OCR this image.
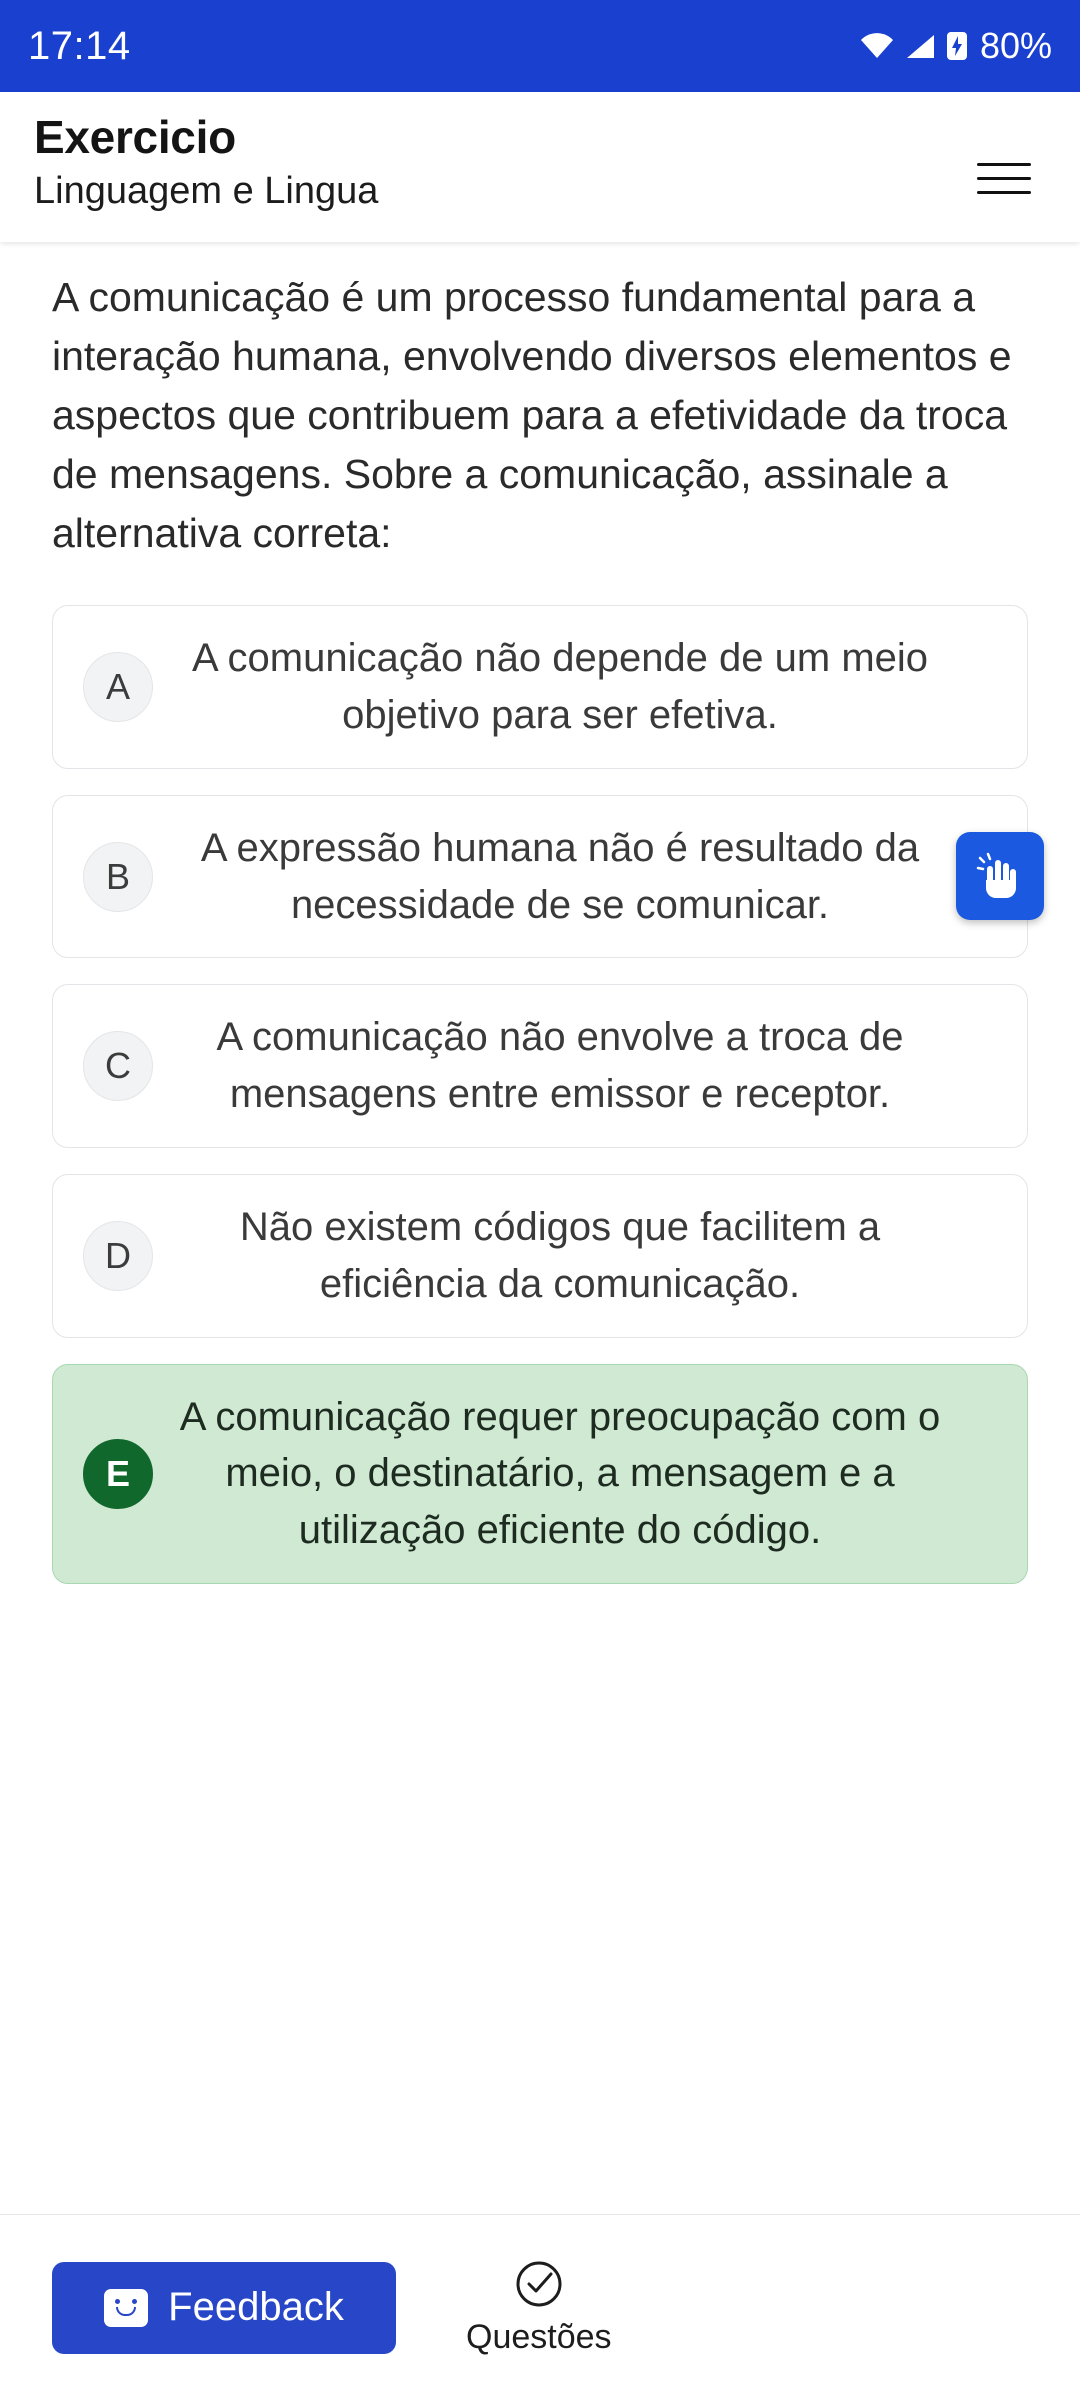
17:14	80%
Exercicio
Linguagem e Lingua
A comunicação é um processo fundamental para a interação humana, envolvendo diversos elementos e aspectos que contribuem para a efetividade da troca de mensagens. Sobre a comunicação, assinale a alternativa correta:
A
A comunicação não depende de um meio objetivo para ser efetiva.
B
A expressão humana não é resultado da necessidade de se comunicar.
C
A comunicação não envolve a troca de mensagens entre emissor e receptor.
D
Não existem códigos que facilitem a eficiência da comunicação.
E
A comunicação requer preocupação com o meio, o destinatário, a mensagem e a utilização eficiente do código.
Feedback
Questões
